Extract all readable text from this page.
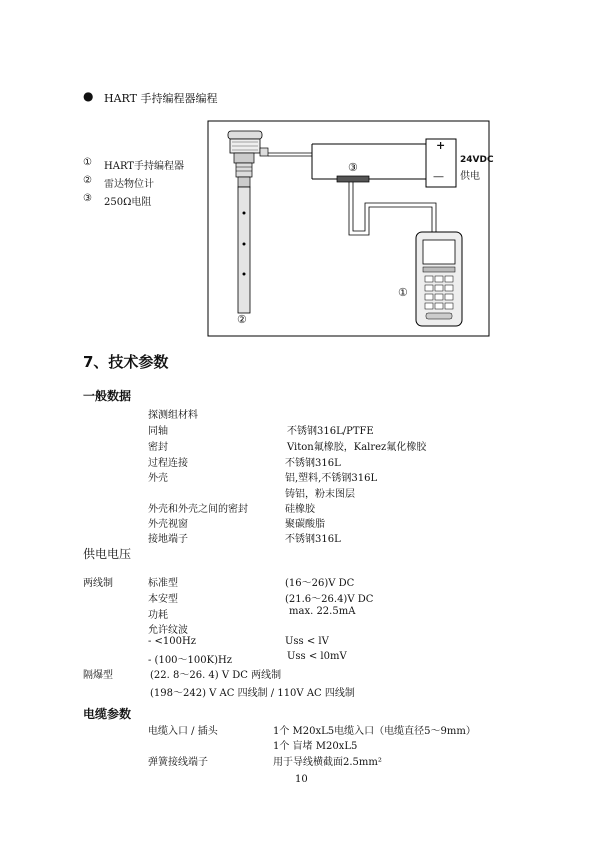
● HART 手持编程器编程
① HART手持编程器
② 雷达物位计
③ 250Ω电阻
+
—
24VDC
供电
③
①
②
7、技术参数
一般数据
探测组材料
同轴	不锈钢316L/PTFE
密封	Viton氟橡胶，Kalrez氟化橡胶
过程连接	不锈钢316L
外壳	铝,塑料,不锈钢316L
铸铝，粉末图层
外壳和外壳之间的密封	硅橡胶
外壳视窗	聚碳酸脂
接地端子	不锈钢316L
供电电压
两线制	标准型	(16～26)V DC
本安型	(21.6～26.4)V DC
功耗	max. 22.5mA
允许纹波
- <100Hz	Uss < lV
- (100～100K)Hz	Uss < l0mV
隔爆型	(22. 8～26. 4) V DC 两线制
(198～242) V AC 四线制 / 110V AC 四线制
电缆参数
电缆入口 / 插头	1个 M20xL5电缆入口（电缆直径5～9mm）
1个 盲堵 M20xL5
弹簧接线端子	用于导线横截面2.5mm²
10
